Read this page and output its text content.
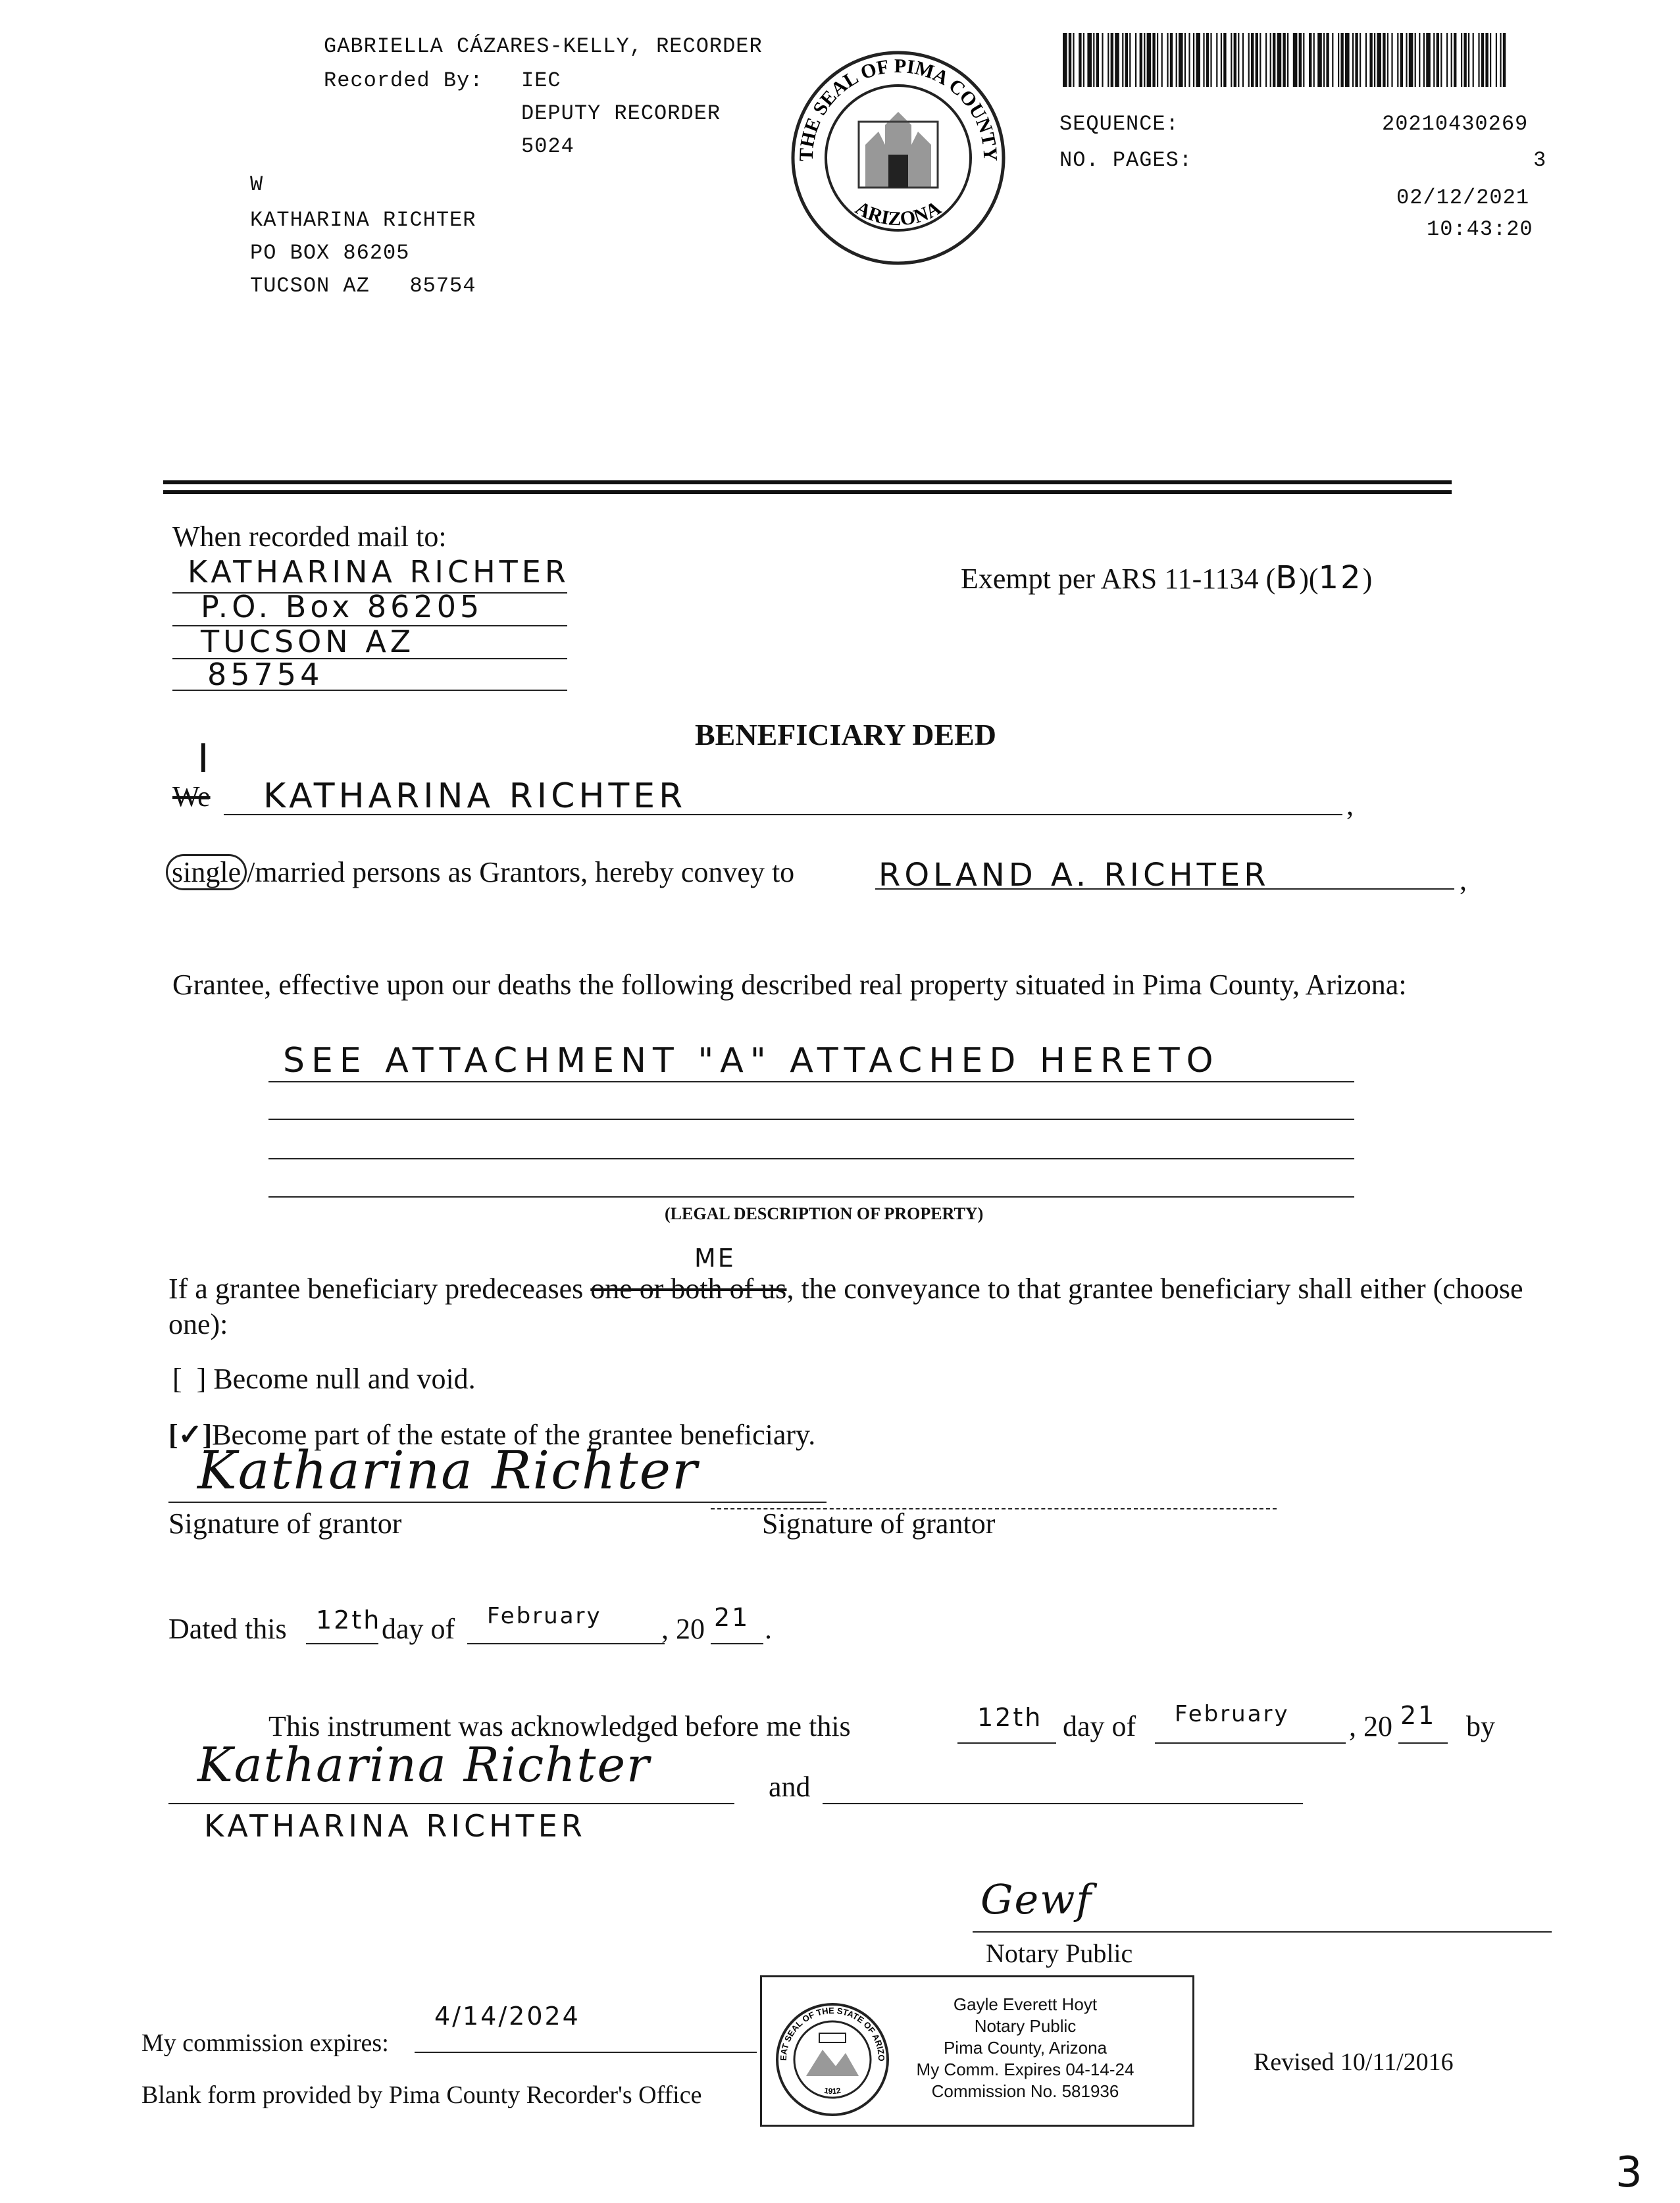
GABRIELLA CÁZARES-KELLY, RECORDER
Recorded By: IEC
DEPUTY RECORDER
5024
W
KATHARINA RICHTER
PO BOX 86205
TUCSON AZ   85754
THE SEAL OF PIMA COUNTY
ARIZONA
SEQUENCE:	20210430269
NO. PAGES:	3
02/12/2021
10:43:20
When recorded mail to:
KATHARINA RICHTER
P.O. Box 86205
TUCSON AZ
85754
Exempt per ARS 11-1134 (B)(12)
BENEFICIARY DEED
I
We KATHARINA RICHTER	,
single /married persons as Grantors, hereby convey to	ROLAND A. RICHTER	,
Grantee, effective upon our deaths the following described real property situated in Pima County, Arizona:
SEE ATTACHMENT "A" ATTACHED HERETO
(LEGAL DESCRIPTION OF PROPERTY)
ME
If a grantee beneficiary predeceases one or both of us, the conveyance to that grantee beneficiary shall either (choose one):
[  ] Become null and void.
[✓]Become part of the estate of the grantee beneficiary.
Katharina Richter
Signature of grantor	Signature of grantor
Dated this 12th day of February , 20 21 .
This instrument was acknowledged before me this	12th day of February , 20 21 by
Katharina Richter	and
KATHARINA RICHTER
Gewf
Notary Public
My commission expires:
4/14/2024
Blank form provided by Pima County Recorder's Office
EAT SEAL OF THE STATE OF ARIZO
1912
Gayle Everett Hoyt
Notary Public
Pima County, Arizona
My Comm. Expires 04-14-24
Commission No. 581936
Revised 10/11/2016
3
